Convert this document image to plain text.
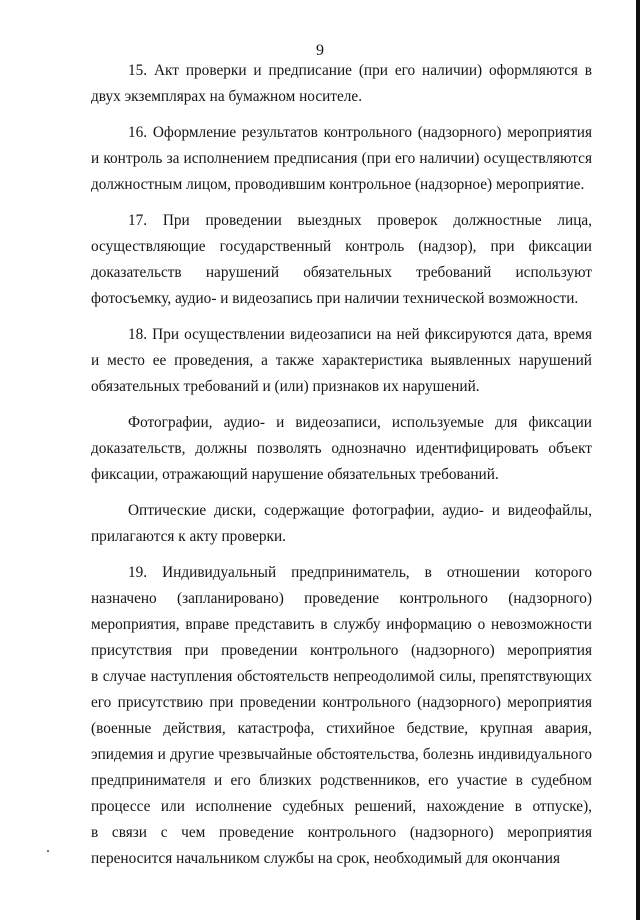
9

15. Акт проверки и предписание (при его наличии) оформляются в
двух экземплярах на бумажном носителе.

16. Оформление результатов контрольного (надзорного) мероприятия
и контроль за исполнением предписания (при его наличии) осуществляются
должностным лицом, проводившим контрольное (надзорное) мероприятие.

17. При проведении выездных проверок должностные лица,
осуществляющие государственный контроль (надзор), при фиксации
доказательств нарушений обязательных требований используют
фотосъемку, аудио- и видеозапись при наличии технической возможности.

18. При осуществлении видеозаписи на ней фиксируются дата, время
и место ее проведения, а также характеристика выявленных нарушений
обязательных требований и (или) признаков их нарушений.

Фотографии, аудио- и видеозаписи, используемые для фиксации
доказательств, должны позволять однозначно идентифицировать объект
фиксации, отражающий нарушение обязательных требований.

Оптические диски, содержащие фотографии, аудио- и видеофайлы,
прилагаются к акту проверки.

19. Индивидуальный предприниматель, в отношении которого
назначено (запланировано) проведение контрольного (надзорного)
мероприятия, вправе представить в службу информацию о невозможности
присутствия при проведении контрольного (надзорного) мероприятия
в случае наступления обстоятельств непреодолимой силы, препятствующих
его присутствию при проведении контрольного (надзорного) мероприятия
(военные действия, катастрофа, стихийное бедствие, крупная авария,
эпидемия и другие чрезвычайные обстоятельства, болезнь индивидуального
предпринимателя и его близких родственников, его участие в судебном
процессе или исполнение судебных решений, нахождение в отпуске),
в связи с чем проведение контрольного (надзорного) мероприятия
переносится начальником службы на срок, необходимый для окончания
